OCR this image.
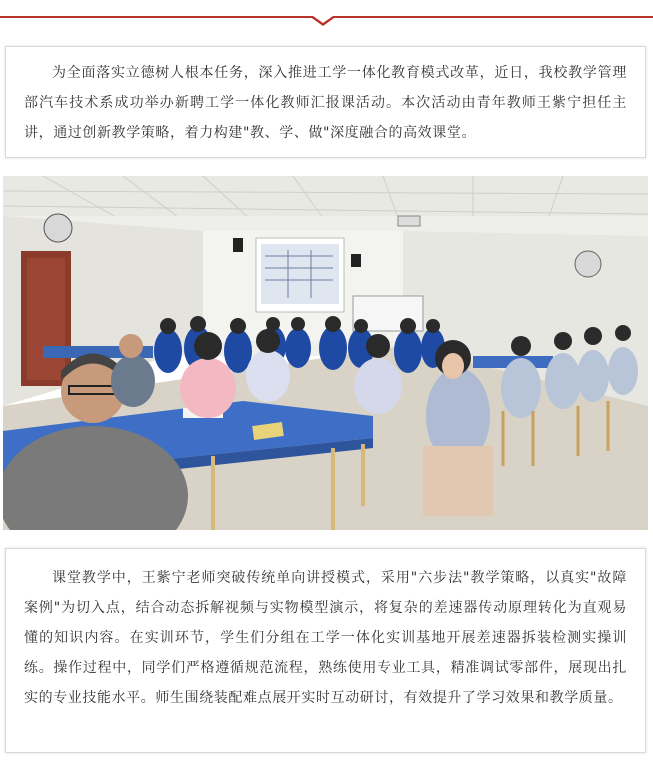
为全面落实立德树人根本任务，深入推进工学一体化教育模式改革，近日，我校教学管理部汽车技术系成功举办新聘工学一体化教师汇报课活动。本次活动由青年教师王紫宁担任主讲，通过创新教学策略，着力构建"教、学、做"深度融合的高效课堂。

课堂教学中，王紫宁老师突破传统单向讲授模式，采用"六步法"教学策略，以真实"故障案例"为切入点，结合动态拆解视频与实物模型演示，将复杂的差速器传动原理转化为直观易懂的知识内容。在实训环节，学生们分组在工学一体化实训基地开展差速器拆装检测实操训练。操作过程中，同学们严格遵循规范流程，熟练使用专业工具，精准调试零部件，展现出扎实的专业技能水平。师生围绕装配难点展开实时互动研讨，有效提升了学习效果和教学质量。
